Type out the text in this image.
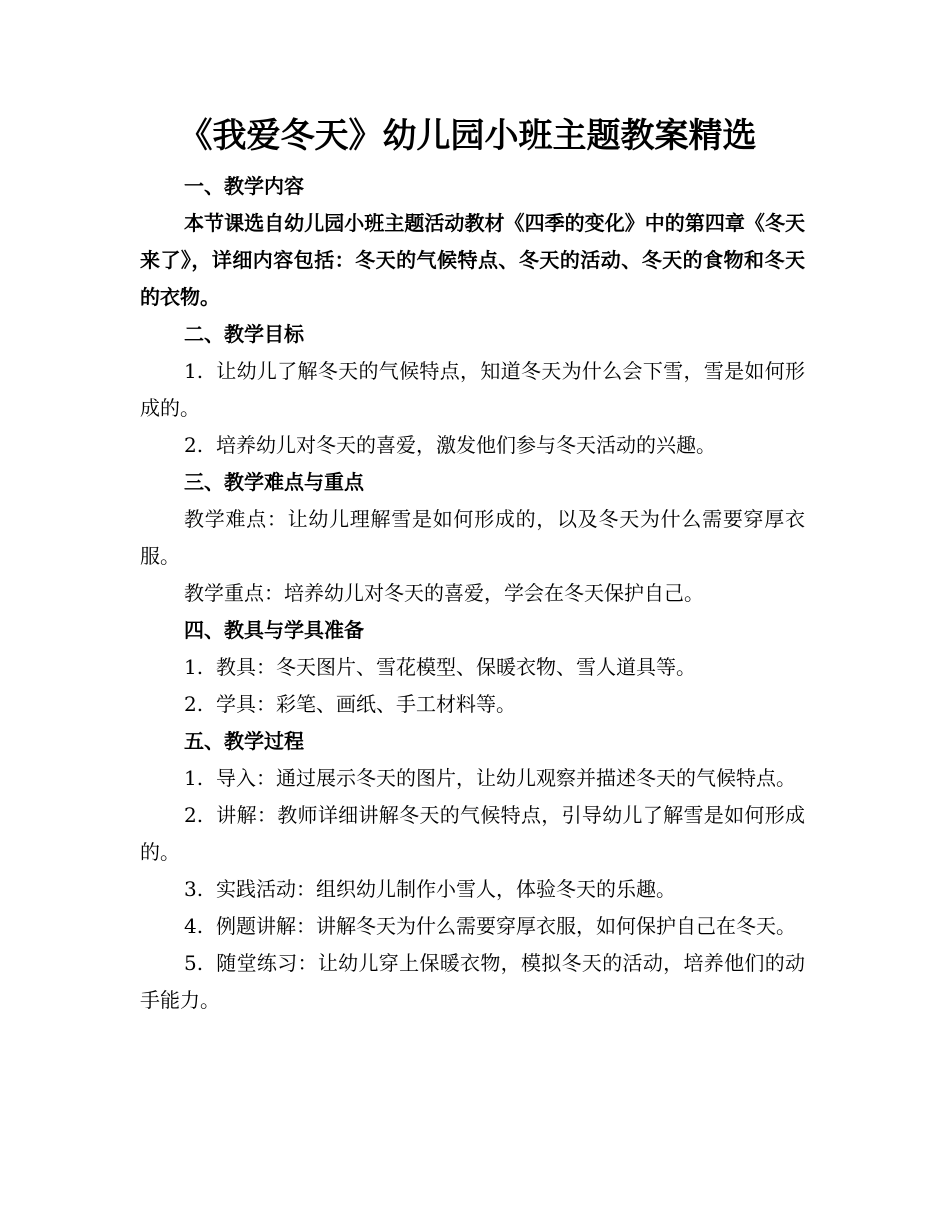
《我爱冬天》幼儿园小班主题教案精选

一、教学内容

本节课选自幼儿园小班主题活动教材《四季的变化》中的第四章《冬天来了》，详细内容包括：冬天的气候特点、冬天的活动、冬天的食物和冬天的衣物。

二、教学目标

1. 让幼儿了解冬天的气候特点，知道冬天为什么会下雪，雪是如何形成的。

2. 培养幼儿对冬天的喜爱，激发他们参与冬天活动的兴趣。

三、教学难点与重点

教学难点：让幼儿理解雪是如何形成的，以及冬天为什么需要穿厚衣服。

教学重点：培养幼儿对冬天的喜爱，学会在冬天保护自己。

四、教具与学具准备

1. 教具：冬天图片、雪花模型、保暖衣物、雪人道具等。

2. 学具：彩笔、画纸、手工材料等。

五、教学过程

1. 导入：通过展示冬天的图片，让幼儿观察并描述冬天的气候特点。

2. 讲解：教师详细讲解冬天的气候特点，引导幼儿了解雪是如何形成的。

3. 实践活动：组织幼儿制作小雪人，体验冬天的乐趣。

4. 例题讲解：讲解冬天为什么需要穿厚衣服，如何保护自己在冬天。

5. 随堂练习：让幼儿穿上保暖衣物，模拟冬天的活动，培养他们的动手能力。
